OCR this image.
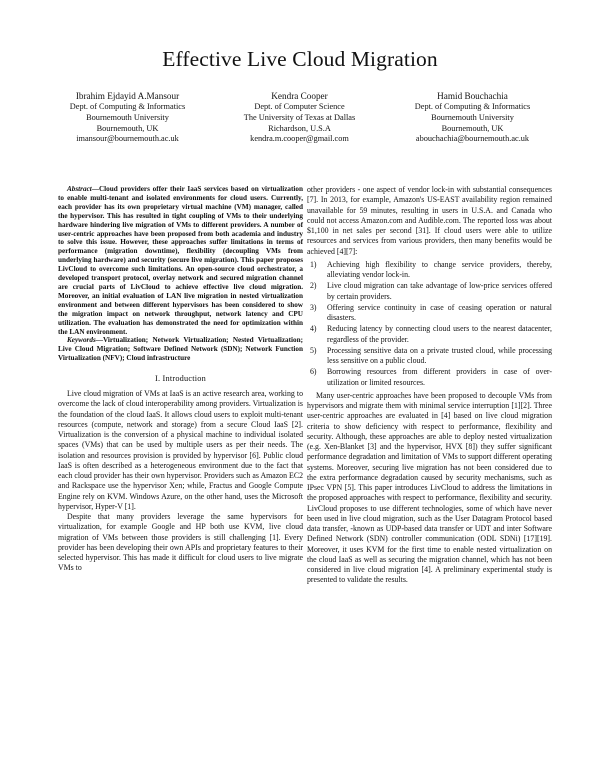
Effective Live Cloud Migration
Ibrahim Ejdayid A.Mansour
Dept. of Computing & Informatics
Bournemouth University
Bournemouth, UK
imansour@bournemouth.ac.uk
Kendra Cooper
Dept. of Computer Science
The University of Texas at Dallas
Richardson, U.S.A
kendra.m.cooper@gmail.com
Hamid Bouchachia
Dept. of Computing & Informatics
Bournemouth University
Bournemouth, UK
abouchachia@bournemouth.ac.uk

Abstract—Cloud providers offer their IaaS services based on virtualization to enable multi-tenant and isolated environments for cloud users. Currently, each provider has its own proprietary virtual machine (VM) manager, called the hypervisor. This has resulted in tight coupling of VMs to their underlying hardware hindering live migration of VMs to different providers. A number of user-centric approaches have been proposed from both academia and industry to solve this issue. However, these approaches suffer limitations in terms of performance (migration downtime), flexibility (decoupling VMs from underlying hardware) and security (secure live migration). This paper proposes LivCloud to overcome such limitations. An open-source cloud orchestrator, a developed transport protocol, overlay network and secured migration channel are crucial parts of LivCloud to achieve effective live cloud migration. Moreover, an initial evaluation of LAN live migration in nested virtualization environment and between different hypervisors has been considered to show the migration impact on network throughput, network latency and CPU utilization. The evaluation has demonstrated the need for optimization within the LAN environment.

Keywords—Virtualization; Network Virtualization; Nested Virtualization; Live Cloud Migration; Software Defined Network (SDN); Network Function Virtualization (NFV); Cloud infrastructure

I. Introduction

Live cloud migration of VMs at IaaS is an active research area, working to overcome the lack of cloud interoperability among providers. Virtualization is the foundation of the cloud IaaS. It allows cloud users to exploit multi-tenant resources (compute, network and storage) from a secure Cloud IaaS [2]. Virtualization is the conversion of a physical machine to individual isolated spaces (VMs) that can be used by multiple users as per their needs. The isolation and resources provision is provided by hypervisor [6]. Public cloud IaaS is often described as a heterogeneous environment due to the fact that each cloud provider has their own hypervisor. Providers such as Amazon EC2 and Rackspace use the hypervisor Xen; while, Fractus and Google Compute Engine rely on KVM. Windows Azure, on the other hand, uses the Microsoft hypervisor, Hyper-V [1].

Despite that many providers leverage the same hypervisors for virtualization, for example Google and HP both use KVM, live cloud migration of VMs between those providers is still challenging [1]. Every provider has been developing their own APIs and proprietary features to their selected hypervisor. This has made it difficult for cloud users to live migrate VMs to

other providers - one aspect of vendor lock-in with substantial consequences [7]. In 2013, for example, Amazon's US-EAST availability region remained unavailable for 59 minutes, resulting in users in U.S.A. and Canada who could not access Amazon.com and Audible.com. The reported loss was about $1,100 in net sales per second [31]. If cloud users were able to utilize resources and services from various providers, then many benefits would be achieved [4][7]:

1) Achieving high flexibility to change service providers, thereby, alleviating vendor lock-in.
2) Live cloud migration can take advantage of low-price services offered by certain providers.
3) Offering service continuity in case of ceasing operation or natural disasters.
4) Reducing latency by connecting cloud users to the nearest datacenter, regardless of the provider.
5) Processing sensitive data on a private trusted cloud, while processing less sensitive on a public cloud.
6) Borrowing resources from different providers in case of over-utilization or limited resources.

Many user-centric approaches have been proposed to decouple VMs from hypervisors and migrate them with minimal service interruption [1][2]. Three user-centric approaches are evaluated in [4] based on live cloud migration criteria to show deficiency with respect to performance, flexibility and security. Although, these approaches are able to deploy nested virtualization (e.g. Xen-Blanket [3] and the hypervisor, HVX [8]) they suffer significant performance degradation and limitation of VMs to support different operating systems. Moreover, securing live migration has not been considered due to the extra performance degradation caused by security mechanisms, such as IPsec VPN [5]. This paper introduces LivCloud to address the limitations in the proposed approaches with respect to performance, flexibility and security. LivCloud proposes to use different technologies, some of which have never been used in live cloud migration, such as the User Datagram Protocol based data transfer, -known as UDP-based data transfer or UDT and inter Software Defined Network (SDN) controller communication (ODL SDNi) [17][19]. Moreover, it uses KVM for the first time to enable nested virtualization on the cloud IaaS as well as securing the migration channel, which has not been considered in live cloud migration [4]. A preliminary experimental study is presented to validate the results.
